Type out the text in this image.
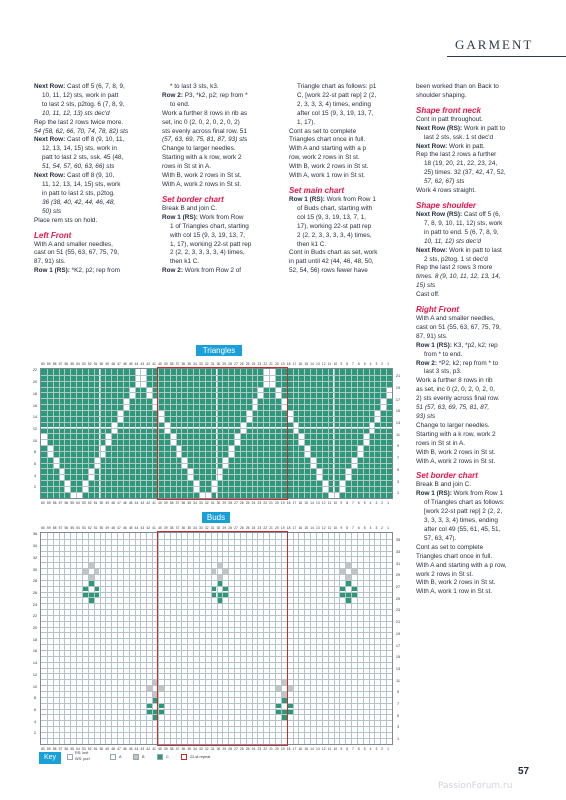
GARMENT

Next Row: Cast off 5 (6, 7, 8, 9,

10, 11, 12) sts, work in patt

to last 2 sts, p2tog. 6 (7, 8, 9,

10, 11, 12, 13) sts dec'd

Rep the last 2 rows twice more.

54 (58, 62, 66, 70, 74, 78, 82) sts

Next Row: Cast off 8 (9, 10, 11,

12, 13, 14, 15) sts, work in

patt to last 2 sts, ssk. 45 (48,

51, 54, 57, 60, 63, 66) sts

Next Row: Cast off 8 (9, 10,

11, 12, 13, 14, 15) sts, work

in patt to last 2 sts, p2tog.

36 (38, 40, 42, 44, 46, 48,

50) sts

Place rem sts on hold.

Left Front

With A and smaller needles,

cast on 51 (55, 63, 67, 75, 79,

87, 91) sts.

Row 1 (RS): *K2, p2; rep from

* to last 3 sts, k3.

Row 2: P3, *k2, p2; rep from *

to end.

Work a further 8 rows in rib as

set, inc 0 (2, 0, 2, 0, 2, 0, 2)

sts evenly across final row. 51

(57, 63, 69, 75, 81, 87, 93) sts

Change to larger needles.

Starting with a k row, work 2

rows in St st in A.

With B, work 2 rows in St st.

With A, work 2 rows in St st.

Set border chart

Break B and join C.

Row 1 (RS): Work from Row

1 of Triangles chart, starting

with col 15 (9, 3, 19, 13, 7,

1, 17), working 22-st patt rep

2 (2, 2, 3, 3, 3, 3, 4) times,

then k1 C.

Row 2: Work from Row 2 of

Triangle chart as follows: p1

C, [work 22-st patt rep] 2 (2,

2, 3, 3, 3, 4) times, ending

after col 15 (9, 3, 19, 13, 7,

1, 17).

Cont as set to complete

Triangles chart once in full.

With A and starting with a p

row, work 2 rows in St st.

With B, work 2 rows in St st.

With A, work 1 row in St st.

Set main chart

Row 1 (RS): Work from Row 1

of Buds chart, starting with

col 15 (9, 3, 19, 13, 7, 1,

17), working 22-st patt rep

2 (2, 2, 3, 3, 3, 3, 4) times,

then k1 C.

Cont in Buds chart as set, work

in patt until 42 (44, 46, 48, 50,

52, 54, 56) rows fewer have

been worked than on Back to

shoulder shaping.

Shape front neck

Cont in patt throughout.

Next Row (RS): Work in patt to

last 2 sts, ssk. 1 st dec'd

Next Row: Work in patt.

Rep the last 2 rows a further

18 (19, 20, 21, 22, 23, 24,

25) times. 32 (37, 42, 47, 52,

57, 62, 67) sts

Work 4 rows straight.

Shape shoulder

Next Row (RS): Cast off 5 (6,

7, 8, 9, 10, 11, 12) sts, work

in patt to end. 5 (6, 7, 8, 9,

10, 11, 12) sts dec'd

Next Row: Work in patt to last

2 sts, p2tog. 1 st dec'd

Rep the last 2 rows 3 more

times. 8 (9, 10, 11, 12, 13, 14,

15) sts

Cast off.

Right Front

With A and smaller needles,

cast on 51 (55, 63, 67, 75, 79,

87, 91) sts.

Row 1 (RS): K3, *p2, k2; rep

from * to end.

Row 2: *P2, k2; rep from * to

last 3 sts, p3.

Work a further 8 rows in rib

as set, inc 0 (2, 0, 2, 0, 2, 0,

2) sts evenly across final row.

51 (57, 63, 69, 75, 81, 87,

93) sts

Change to larger needles.

Starting with a k row, work 2

rows in St st in A.

With B, work 2 rows in St st.

With A, work 2 rows in St st.

Set border chart

Break B and join C.

Row 1 (RS): Work from Row 1

of Triangles chart as follows:

[work 22-st patt rep] 2 (2, 2,

3, 3, 3, 3, 4) times, ending

after col 49 (55, 61, 45, 51,

57, 63, 47).

Cont as set to complete

Triangles chart once in full.

With A and starting with a p row,

work 2 rows in St st.

With B, work 2 rows in St st.

With A, work 1 row in St st.

Triangles
60 59 58 57 56 55 54 53 52 51 50 49 48 47 46 45 44 43 42 41 40 39 38 37 36 35 34 33 32 31 30 29 28 27 26 25 24 23 22 21 20 19 18 17 16 15 14 13 12 11 10 9	8	7	6	5	4	3	2	1
60 59 58 57 56 55 54 53 52 51 50 49 48 47 46 45 44 43 42 41 40 39 38 37 36 35 34 33 32 31 30 29 28 27 26 25 24 23 22 21 20 19 18 17 16 15 14 13 12 11 10 9	8	7	6	5	4	3	2	1
1
2
3
4
5
6
7
8
9
10
11
12
13
14
15
16
17
18
19
20
21
22
Buds
60 59 58 57 56 55 54 53 52 51 50 49 48 47 46 45 44 43 42 41 40 39 38 37 36 35 34 33 32 31 30 29 28 27 26 25 24 23 22 21 20 19 18 17 16 15 14 13 12 11 10 9	8	7	6	5	4	3	2	1
60 59 58 57 56 55 54 53 52 51 50 49 48 47 46 45 44 43 42 41 40 39 38 37 36 35 34 33 32 31 30 29 28 27 26 25 24 23 22 21 20 19 18 17 16 15 14 13 12 11 10 9	8	7	6	5	4	3	2	1
1
2
3
4
5
6
7
8
9
10
11
12
13
14
15
16
17
18
19
20
21
22
23
24
25
26
27
28
29
30
31
32
33
34
35
36
Key
RS: knit
WS: purl	A	B	C	22-st repeat
57
PassionForum.ru
